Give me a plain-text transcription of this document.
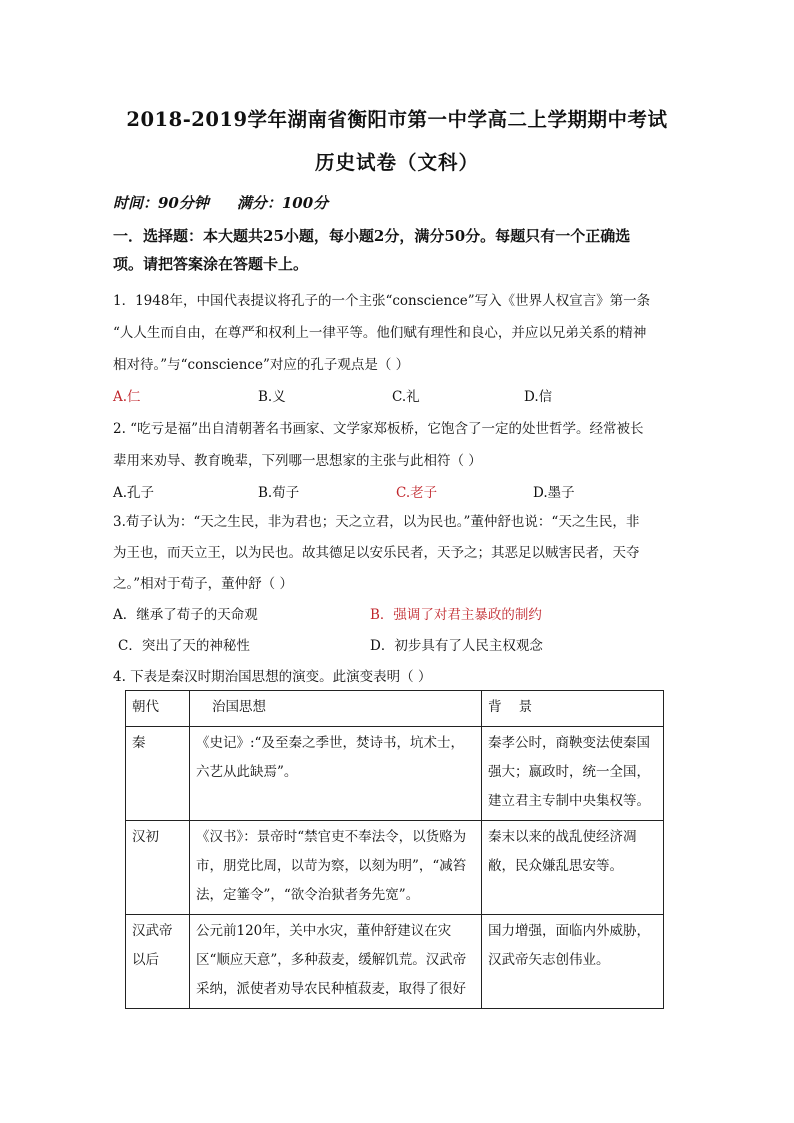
2018-2019学年湖南省衡阳市第一中学高二上学期期中考试
历史试卷（文科）
时间：90分钟 满分：100分
一．选择题：本大题共25小题，每小题2分，满分50分。每题只有一个正确选
项。请把答案涂在答题卡上。
1．1948年，中国代表提议将孔子的一个主张“conscience”写入《世界人权宣言》第一条
“人人生而自由，在尊严和权利上一律平等。他们赋有理性和良心，并应以兄弟关系的精神
相对待。”与“conscience”对应的孔子观点是（ ）
A.仁	B.义	C.礼	D.信
2. “吃亏是福”出自清朝著名书画家、文学家郑板桥，它饱含了一定的处世哲学。经常被长
辈用来劝导、教育晚辈，下列哪一思想家的主张与此相符（ ）
A.孔子	B.荀子	C.老子	D.墨子
3.荀子认为：“天之生民，非为君也；天之立君，以为民也。”董仲舒也说：“天之生民，非
为王也，而天立王，以为民也。故其德足以安乐民者，天予之；其恶足以贼害民者，天夺
之。”相对于荀子，董仲舒（ ）
A．继承了荀子的天命观	B．强调了对君主暴政的制约
C．突出了天的神秘性	D．初步具有了人民主权观念
4. 下表是秦汉时期治国思想的演变。此演变表明（ ）
朝代	治国思想	背    景
秦	《史记》:“及至秦之季世，焚诗书，坑术士，六艺从此缺焉”。	秦孝公时，商鞅变法使秦国强大；嬴政时，统一全国，建立君主专制中央集权等。
汉初	《汉书》：景帝时“禁官吏不奉法令，以货赂为市，朋党比周，以苛为察，以刻为明”，“减笞法，定箠令”，“欲令治狱者务先宽”。	秦末以来的战乱使经济凋敝，民众嫌乱思安等。
汉武帝以后	公元前120年，关中水灾，董仲舒建议在灾区“顺应天意”，多种菽麦，缓解饥荒。汉武帝采纳，派使者劝导农民种植菽麦，取得了很好	国力增强，面临内外威胁，汉武帝矢志创伟业。
